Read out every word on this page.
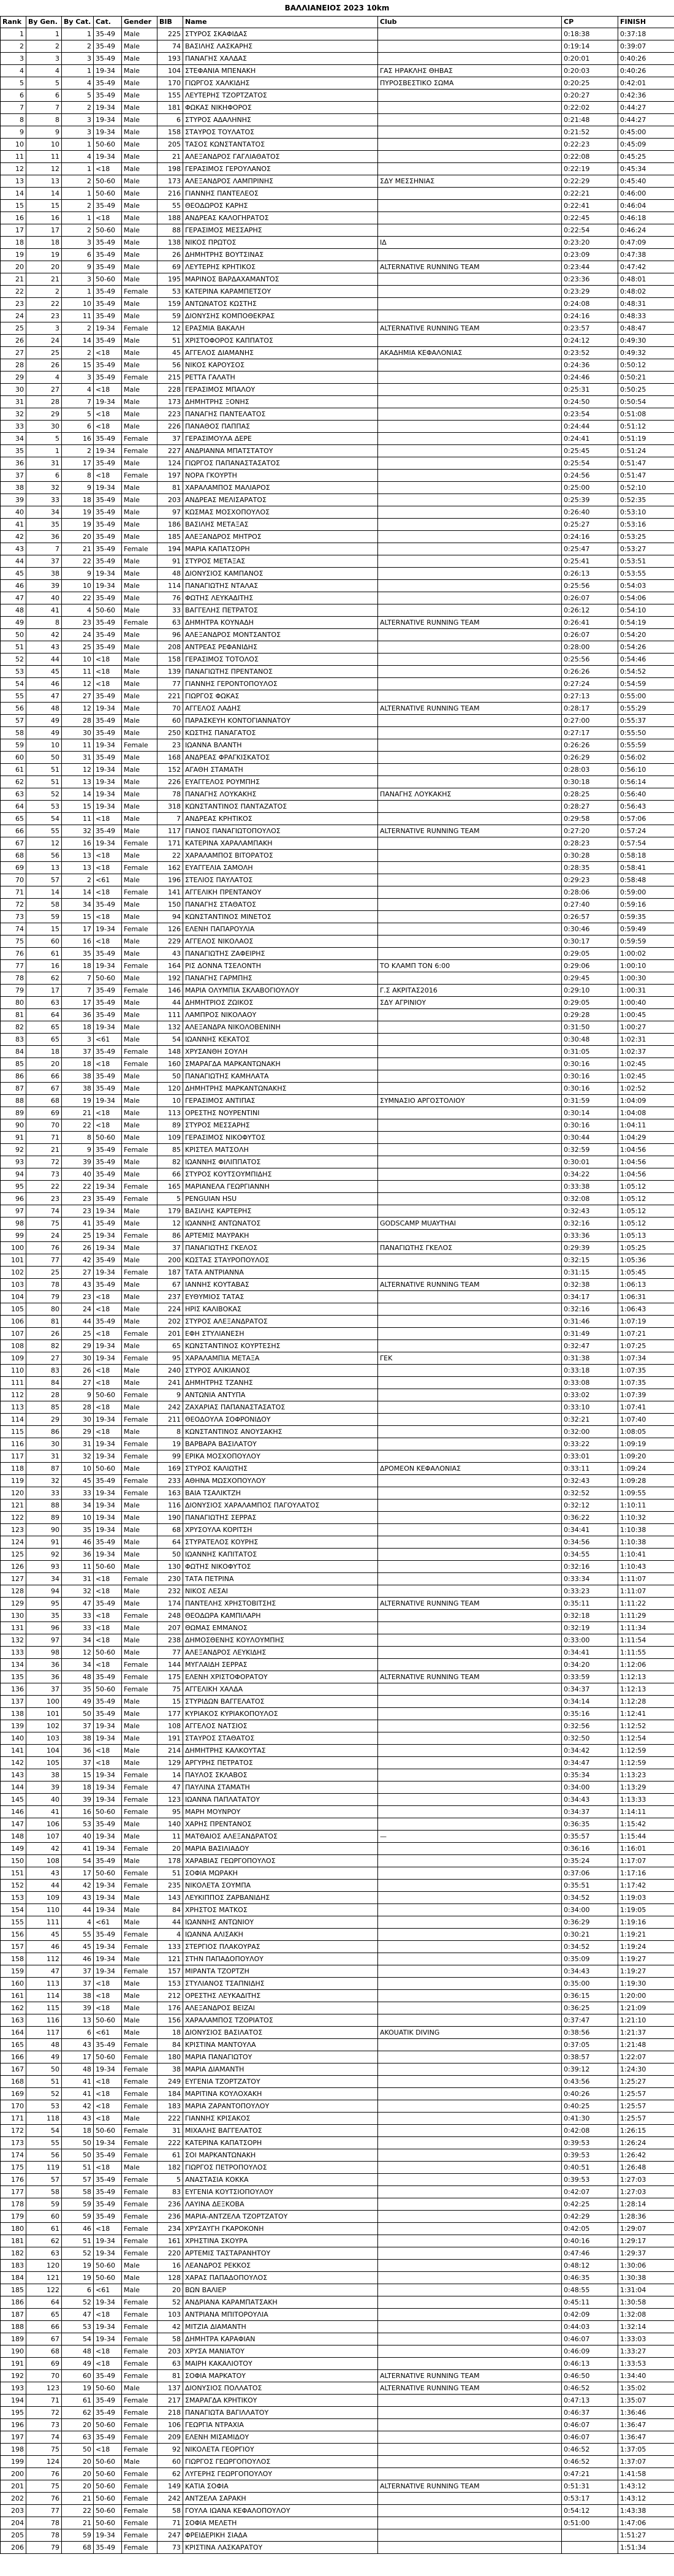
ΒΑΛΛΙΑΝΕΙΟΣ 2023 10km
Rank	By Gen.	By Cat.	Cat.	Gender	BIB	Name	Club	CP	FINISH
1	1	1	35-49	Male	225	ΣΤΥΡΟΣ ΣΚΑΦΙΔΑΣ		0:18:38	0:37:18
2	2	2	35-49	Male	74	ΒΑΣΙΛΗΣ ΛΑΣΚΑΡΗΣ		0:19:14	0:39:07
3	3	3	35-49	Male	193	ΠΑΝΑΓΗΣ ΧΑΛΔΑΣ		0:20:01	0:40:26
4	4	1	19-34	Male	104	ΣΤΕΦΑΝΙΑ ΜΠΕΝΑΚΗ	ΓΑΣ ΗΡΑΚΛΗΣ ΘΗΒΑΣ	0:20:03	0:40:26
5	5	4	35-49	Male	170	ΓΙΩΡΓΟΣ ΧΑΛΚΙΔΗΣ	ΠΥΡΟΣΒΕΣΤΙΚΟ ΣΩΜΑ	0:20:25	0:42:01
6	6	5	35-49	Male	155	ΛΕΥΤΕΡΗΣ ΤΖΟΡΤΖΑΤΟΣ		0:20:27	0:42:36
7	7	2	19-34	Male	181	ΦΩΚΑΣ ΝΙΚΗΦΟΡΟΣ		0:22:02	0:44:27
8	8	3	19-34	Male	6	ΣΤΥΡΟΣ ΑΔΑΛΗΝΗΣ		0:21:48	0:44:27
9	9	3	19-34	Male	158	ΣΤΑΥΡΟΣ ΤΟΥΛΑΤΟΣ		0:21:52	0:45:00
10	10	1	50-60	Male	205	ΤΑΣΟΣ ΚΩΝΣΤΑΝΤΑΤΟΣ		0:22:23	0:45:09
11	11	4	19-34	Male	21	ΑΛΕΞΑΝΔΡΟΣ ΓΑΓΛΙΑΘΑΤΟΣ		0:22:08	0:45:25
12	12	1	<18	Male	198	ΓΕΡΑΣΙΜΟΣ ΓΕΡΟΥΛΑΝΟΣ		0:22:19	0:45:34
13	13	2	50-60	Male	173	ΑΛΕΞΑΝΔΡΟΣ ΛΑΜΠΡΙΝΗΣ	ΣΔΥ ΜΕΣΣΗΝΙΑΣ	0:22:29	0:45:40
14	14	1	50-60	Male	216	ΓΙΑΝΝΗΣ ΠΑΝΤΕΛΕΟΣ		0:22:21	0:46:00
15	15	2	35-49	Male	55	ΘΕΟΔΩΡΟΣ ΚΑΡΗΣ		0:22:41	0:46:04
16	16	1	<18	Male	188	ΑΝΔΡΕΑΣ ΚΑΛΟΓΗΡΑΤΟΣ		0:22:45	0:46:18
17	17	2	50-60	Male	88	ΓΕΡΑΣΙΜΟΣ ΜΕΣΣΑΡΗΣ		0:22:54	0:46:24
18	18	3	35-49	Male	138	ΝΙΚΟΣ ΠΡΩΤΟΣ	ΙΔ	0:23:20	0:47:09
19	19	6	35-49	Male	26	ΔΗΜΗΤΡΗΣ ΒΟΥΤΣΙΝΑΣ		0:23:09	0:47:38
20	20	9	35-49	Male	69	ΛΕΥΤΕΡΗΣ ΚΡΗΤΙΚΟΣ	ALTERNATIVE RUNNING TEAM	0:23:44	0:47:42
21	21	3	50-60	Male	195	ΜΑΡΙΝΟΣ ΒΑΡΔΑΧΑΜΑΝΤΟΣ		0:23:36	0:48:01
22	2	1	35-49	Female	53	ΚΑΤΕΡΙΝΑ ΚΑΡΑΜΠΕΤΣΟΥ		0:23:29	0:48:02
23	22	10	35-49	Male	159	ΑΝΤΩΝΑΤΟΣ ΚΩΣΤΗΣ		0:24:08	0:48:31
24	23	11	35-49	Male	59	ΔΙΟΝΥΣΗΣ ΚΟΜΠΟΘΕΚΡΑΣ		0:24:16	0:48:33
25	3	2	19-34	Female	12	ΕΡΑΣΜΙΑ ΒΑΚΑΛΗ	ALTERNATIVE RUNNING TEAM	0:23:57	0:48:47
26	24	14	35-49	Male	51	ΧΡΙΣΤΟΦΟΡΟΣ ΚΑΠΠΑΤΟΣ		0:24:12	0:49:30
27	25	2	<18	Male	45	ΑΓΓΕΛΟΣ ΔΙΑΜΑΝΗΣ	ΑΚΑΔΗΜΙΑ ΚΕΦΑΛΟΝΙΑΣ	0:23:52	0:49:32
28	26	15	35-49	Male	56	ΝΙΚΟΣ ΚΑΡΟΥΣΟΣ		0:24:36	0:50:12
29	4	3	35-49	Female	215	ΡΕΤΤΑ ΓΑΛΑΤΗ		0:24:46	0:50:21
30	27	4	<18	Male	228	ΓΕΡΑΣΙΜΟΣ ΜΠΑΛΟΥ		0:25:31	0:50:25
31	28	7	19-34	Male	173	ΔΗΜΗΤΡΗΣ ΞΟΝΗΣ		0:24:50	0:50:54
32	29	5	<18	Male	223	ΠΑΝΑΓΗΣ ΠΑΝΤΕΛΑΤΟΣ		0:23:54	0:51:08
33	30	6	<18	Male	226	ΠΑΝΑΘΟΣ ΠΑΠΠΑΣ		0:24:44	0:51:12
34	5	16	35-49	Female	37	ΓΕΡΑΣΙΜΟΥΛΑ ΔΕΡΕ		0:24:41	0:51:19
35	1	2	19-34	Female	227	ΑΝΔΡΙΑΝΝΑ ΜΠΑΤΣΤΑΤΟΥ		0:25:45	0:51:24
36	31	17	35-49	Male	124	ΓΙΩΡΓΟΣ ΠΑΠΑΝΑΣΤΑΣΑΤΟΣ		0:25:54	0:51:47
37	6	8	<18	Female	197	ΝΟΡΑ ΓΚΟΥΡΤΗ		0:24:56	0:51:47
38	32	9	19-34	Male	81	ΧΑΡΑΛΑΜΠΟΣ ΜΑΛΙΑΡΟΣ		0:25:00	0:52:10
39	33	18	35-49	Male	203	ΑΝΔΡΕΑΣ ΜΕΛΙΣΑΡΑΤΟΣ		0:25:39	0:52:35
40	34	19	35-49	Male	97	ΚΩΣΜΑΣ ΜΟΣΧΟΠΟΥΛΟΣ		0:26:40	0:53:10
41	35	19	35-49	Male	186	ΒΑΣΙΛΗΣ ΜΕΤΑΞΑΣ		0:25:27	0:53:16
42	36	20	35-49	Male	185	ΑΛΕΞΑΝΔΡΟΣ ΜΗΤΡΟΣ		0:24:16	0:53:25
43	7	21	35-49	Female	194	ΜΑΡΙΑ ΚΑΠΑΤΣΟΡΗ		0:25:47	0:53:27
44	37	22	35-49	Male	91	ΣΤΥΡΟΣ ΜΕΤΑΞΑΣ		0:25:41	0:53:51
45	38	9	19-34	Male	48	ΔΙΟΝΥΣΙΟΣ ΚΑΜΠΑΝΟΣ		0:26:13	0:53:55
46	39	10	19-34	Male	114	ΠΑΝΑΓΙΩΤΗΣ ΝΤΑΛΑΣ		0:25:56	0:54:03
47	40	22	35-49	Male	76	ΦΩΤΗΣ ΛΕΥΚΑΔΙΤΗΣ		0:26:07	0:54:06
48	41	4	50-60	Male	33	ΒΑΓΓΕΛΗΣ ΠΕΤΡΑΤΟΣ		0:26:12	0:54:10
49	8	23	35-49	Female	63	ΔΗΜΗΤΡΑ ΚΟΥΝΑΔΗ	ALTERNATIVE RUNNING TEAM	0:26:41	0:54:19
50	42	24	35-49	Male	96	ΑΛΕΞΑΝΔΡΟΣ ΜΟΝΤΣΑΝΤΟΣ		0:26:07	0:54:20
51	43	25	35-49	Male	208	ΑΝΤΡΕΑΣ ΡΕΦΑΝΙΔΗΣ		0:28:00	0:54:26
52	44	10	<18	Male	158	ΓΕΡΑΣΙΜΟΣ ΤΟΤΟΛΟΣ		0:25:56	0:54:46
53	45	11	<18	Male	139	ΠΑΝΑΓΙΩΤΗΣ ΠΡΕΝΤΑΝΟΣ		0:26:26	0:54:52
54	46	12	<18	Male	77	ΓΙΑΝΝΗΣ ΓΕΡΟΝΤΟΠΟΥΛΟΣ		0:27:24	0:54:59
55	47	27	35-49	Male	221	ΓΙΩΡΓΟΣ ΦΩΚΑΣ		0:27:13	0:55:00
56	48	12	19-34	Male	70	ΑΓΓΕΛΟΣ ΛΑΔΗΣ	ALTERNATIVE RUNNING TEAM	0:28:17	0:55:29
57	49	28	35-49	Male	60	ΠΑΡΑΣΚΕΥΗ ΚΟΝΤΟΓΙΑΝΝΑΤΟΥ		0:27:00	0:55:37
58	49	30	35-49	Male	250	ΚΩΣΤΗΣ ΠΑΝΑΓΑΤΟΣ		0:27:17	0:55:50
59	10	11	19-34	Female	23	ΙΩΑΝΝΑ ΒΛΑΝΤΗ		0:26:26	0:55:59
60	50	31	35-49	Male	168	ΑΝΔΡΕΑΣ ΦΡΑΓΚΙΣΚΑΤΟΣ		0:26:29	0:56:02
61	51	12	19-34	Male	152	ΑΓΑΘΗ ΣΤΑΜΑΤΗ		0:28:03	0:56:10
62	51	13	19-34	Male	226	ΕΥΑΓΓΕΛΟΣ ΡΟΥΜΠΗΣ		0:30:18	0:56:14
63	52	14	19-34	Male	78	ΠΑΝΑΓΗΣ ΛΟΥΚΑΚΗΣ	ΠΑΝΑΓΗΣ ΛΟΥΚΑΚΗΣ	0:28:25	0:56:40
64	53	15	19-34	Male	318	ΚΩΝΣΤΑΝΤΙΝΟΣ ΠΑΝΤΑΖΑΤΟΣ		0:28:27	0:56:43
65	54	11	<18	Male	7	ΑΝΔΡΕΑΣ ΚΡΗΤΙΚΟΣ		0:29:58	0:57:06
66	55	32	35-49	Male	117	ΓΙΑΝΟΣ ΠΑΝΑΓΙΩΤΟΠΟΥΛΟΣ	ALTERNATIVE RUNNING TEAM	0:27:20	0:57:24
67	12	16	19-34	Female	171	ΚΑΤΕΡΙΝΑ ΧΑΡΑΛΑΜΠΑΚΗ		0:28:23	0:57:54
68	56	13	<18	Male	22	ΧΑΡΑΛΑΜΠΟΣ ΒΙΤΟΡΑΤΟΣ		0:30:28	0:58:18
69	13	13	<18	Female	162	ΕΥΑΓΓΕΛΙΑ ΣΑΜΟΛΗ		0:28:35	0:58:41
70	57	2	<61	Male	196	ΣΤΕΛΙΟΣ ΠΑΥΛΑΤΟΣ		0:29:23	0:58:48
71	14	14	<18	Female	141	ΑΓΓΕΛΙΚΗ ΠΡΕΝΤΑΝΟΥ		0:28:06	0:59:00
72	58	34	35-49	Male	150	ΠΑΝΑΓΗΣ ΣΤΑΘΑΤΟΣ		0:27:40	0:59:16
73	59	15	<18	Male	94	ΚΩΝΣΤΑΝΤΙΝΟΣ ΜΙΝΕΤΟΣ		0:26:57	0:59:35
74	15	17	19-34	Female	126	ΕΛΕΝΗ ΠΑΠΑΡΟΥΛΙΑ		0:30:46	0:59:49
75	60	16	<18	Male	229	ΑΓΓΕΛΟΣ ΝΙΚΟΛΑΟΣ		0:30:17	0:59:59
76	61	35	35-49	Male	43	ΠΑΝΑΓΙΩΤΗΣ ΖΑΦΕΙΡΗΣ		0:29:05	1:00:02
77	16	18	19-34	Female	164	ΡΙΣ ΔΟΝΝΑ ΤΣΕΛΟΝΤΗ	ΤΟ ΚΛΑΜΠ ΤΟΝ 6:00	0:29:06	1:00:10
78	62	7	50-60	Male	192	ΠΑΝΑΓΗΣ ΓΑΡΜΠΗΣ		0:29:45	1:00:30
79	17	7	35-49	Female	146	ΜΑΡΙΑ ΟΛΥΜΠΙΑ ΣΚΛΑΒΟΓΙΟΥΛΟΥ	Γ.Σ ΑΚΡΙΤΑΣ2016	0:29:10	1:00:31
80	63	17	35-49	Male	44	ΔΗΜΗΤΡΙΟΣ ΖΩΙΚΟΣ	ΣΔΥ ΑΓΡΙΝΙΟΥ	0:29:05	1:00:40
81	64	36	35-49	Male	111	ΛΑΜΠΡΟΣ ΝΙΚΟΛΑΟΥ		0:29:28	1:00:45
82	65	18	19-34	Male	132	ΑΛΕΞΑΝΔΡΑ ΝΙΚΟΛΟΒΕΝΙΝΗ		0:31:50	1:00:27
83	65	3	<61	Male	54	ΙΩΑΝΝΗΣ ΚΕΚΑΤΟΣ		0:30:48	1:02:31
84	18	37	35-49	Female	148	ΧΡΥΣΑΝΘΗ ΣΟΥΛΗ		0:31:05	1:02:37
85	20	18	<18	Female	160	ΣΜΑΡΑΓΔΑ ΜΑΡΚΑΝΤΩΝΑΚΗ		0:30:16	1:02:45
86	66	38	35-49	Male	50	ΠΑΝΑΓΙΩΤΗΣ ΚΑΜΗΛΑΤΑ		0:30:16	1:02:45
87	67	38	35-49	Male	120	ΔΗΜΗΤΡΗΣ ΜΑΡΚΑΝΤΩΝΑΚΗΣ		0:30:16	1:02:52
88	68	19	19-34	Male	10	ΓΕΡΑΣΙΜΟΣ ΑΝΤΙΠΑΣ	ΣΥΜΝΑΣΙΟ ΑΡΓΟΣΤΟΛΙΟΥ	0:31:59	1:04:09
89	69	21	<18	Male	113	ΟΡΕΣΤΗΣ ΝΟΥΡΕΝΤΙΝΙ		0:30:14	1:04:08
90	70	22	<18	Male	89	ΣΤΥΡΟΣ ΜΕΣΣΑΡΗΣ		0:30:16	1:04:11
91	71	8	50-60	Male	109	ΓΕΡΑΣΙΜΟΣ ΝΙΚΟΦΥΤΟΣ		0:30:44	1:04:29
92	21	9	35-49	Female	85	ΚΡΙΣΤΕΛ ΜΑΤΣΟΛΗ		0:32:59	1:04:56
93	72	39	35-49	Male	82	ΙΩΑΝΝΗΣ ΦΙΛΙΠΠΑΤΟΣ		0:30:01	1:04:56
94	73	40	35-49	Male	66	ΣΤΥΡΟΣ ΚΟΥΤΣΟΥΜΠΙΔΗΣ		0:34:22	1:04:56
95	22	22	19-34	Female	165	ΜΑΡΙΑΝΕΛΑ ΓΕΩΡΓΙΑΝΝΗ		0:33:38	1:05:12
96	23	23	35-49	Female	5	PENGUIAN HSU		0:32:08	1:05:12
97	74	23	19-34	Male	179	ΒΑΣΙΛΗΣ ΚΑΡΤΕΡΗΣ		0:32:43	1:05:12
98	75	41	35-49	Male	12	ΙΩΑΝΝΗΣ ΑΝΤΩΝΑΤΟΣ	GODSCAMP MUAYTHAI	0:32:16	1:05:12
99	24	25	19-34	Female	86	ΑΡΤΕΜΙΣ ΜΑΥΡΑΚΗ		0:33:36	1:05:13
100	76	26	19-34	Male	37	ΠΑΝΑΓΙΩΤΗΣ ΓΚΕΛΟΣ	ΠΑΝΑΓΙΩΤΗΣ ΓΚΕΛΟΣ	0:29:39	1:05:25
101	77	42	35-49	Male	200	ΚΩΣΤΑΣ ΣΤΑΥΡΟΠΟΥΛΟΣ		0:32:15	1:05:36
102	25	27	19-34	Female	187	ΤΑΤΑ ΑΝΤΡΙΑΝΝΑ		0:31:15	1:05:45
103	78	43	35-49	Male	67	ΙΑΝΝΗΣ ΚΟΥΤΑΒΑΣ	ALTERNATIVE RUNNING TEAM	0:32:38	1:06:13
104	79	23	<18	Male	237	ΕΥΘΥΜΙΟΣ ΤΑΤΑΣ		0:34:17	1:06:31
105	80	24	<18	Male	224	ΗΡΙΣ ΚΑΛΙΒΟΚΑΣ		0:32:16	1:06:43
106	81	44	35-49	Male	202	ΣΤΥΡΟΣ ΑΛΕΞΑΝΔΡΑΤΟΣ		0:31:46	1:07:19
107	26	25	<18	Female	201	ΕΦΗ ΣΤΥΛΙΑΝΕΣΗ		0:31:49	1:07:21
108	82	29	19-34	Male	65	ΚΩΝΣΤΑΝΤΙΝΟΣ ΚΟΥΡΤΕΣΗΣ		0:32:47	1:07:25
109	27	30	19-34	Female	95	ΧΑΡΑΛΑΜΠΙΑ ΜΕΤΑΞΑ	ΓΕΚ	0:31:38	1:07:34
110	83	26	<18	Male	240	ΣΤΥΡΟΣ ΑΛΙΚΙΑΝΟΣ		0:33:18	1:07:35
111	84	27	<18	Male	241	ΔΗΜΗΤΡΗΣ ΤΖΑΝΗΣ		0:33:08	1:07:35
112	28	9	50-60	Female	9	ΑΝΤΩΝΙΑ ΑΝΤΥΠΑ		0:33:02	1:07:39
113	85	28	<18	Male	242	ΖΑΧΑΡΙΑΣ ΠΑΠΑΝΑΣΤΑΣΑΤΟΣ		0:33:10	1:07:41
114	29	30	19-34	Female	211	ΘΕΟΔΟΥΛΑ ΣΟΦΡΟΝΙΔΟΥ		0:32:21	1:07:40
115	86	29	<18	Male	8	ΚΩΝΣΤΑΝΤΙΝΟΣ ΑΝΟΥΣΑΚΗΣ		0:32:00	1:08:05
116	30	31	19-34	Female	19	ΒΑΡΒΑΡΑ ΒΑΣΙΛΑΤΟΥ		0:33:22	1:09:19
117	31	32	19-34	Female	99	ΕΡΙΚΑ ΜΟΣΧΟΠΟΥΛΟΥ		0:33:01	1:09:20
118	87	10	50-60	Male	169	ΣΤΥΡΟΣ ΚΑΛΙΩΤΗΣ	ΔΡΟΜΕΟΝ ΚΕΦΑΛΟΝΙΑΣ	0:33:11	1:09:24
119	32	45	35-49	Female	233	ΑΘΗΝΑ ΜΩΣΧΟΠΟΥΛΟΥ		0:32:43	1:09:28
120	33	33	19-34	Female	163	ΒΑΙΑ ΤΣΑΛΙΚΤΖΗ		0:32:52	1:09:55
121	88	34	19-34	Male	116	ΔΙΟΝΥΣΙΟΣ ΧΑΡΑΛΑΜΠΟΣ ΠΑΓΟΥΛΑΤΟΣ		0:32:12	1:10:11
122	89	10	19-34	Male	190	ΠΑΝΑΓΙΩΤΗΣ ΣΕΡΡΑΣ		0:36:22	1:10:32
123	90	35	19-34	Male	68	ΧΡΥΣΟΥΛΑ ΚΟΡΙΤΣΗ		0:34:41	1:10:38
124	91	46	35-49	Male	64	ΣΤΥΡΑΤΕΛΟΣ ΚΟΥΡΗΣ		0:34:56	1:10:38
125	92	36	19-34	Male	50	ΙΩΑΝΝΗΣ ΚΑΠΙΤΑΤΟΣ		0:34:55	1:10:41
126	93	11	50-60	Male	130	ΦΩΤΗΣ ΝΙΚΟΦΥΤΟΣ		0:32:16	1:10:43
127	34	31	<18	Female	230	ΤΑΤΑ ΠΕΤΡΙΝΑ		0:33:34	1:11:07
128	94	32	<18	Male	232	ΝΙΚΟΣ ΛΕΣΑΙ		0:33:23	1:11:07
129	95	47	35-49	Male	174	ΠΑΝΤΕΛΗΣ ΧΡΗΣΤΟΒΙΤΣΗΣ	ALTERNATIVE RUNNING TEAM	0:35:11	1:11:22
130	35	33	<18	Female	248	ΘΕΟΔΩΡΑ ΚΑΜΠΙΛΑΡΗ		0:32:18	1:11:29
131	96	33	<18	Male	207	ΘΩΜΑΣ ΕΜΜΑΝΟΣ		0:32:19	1:11:34
132	97	34	<18	Male	238	ΔΗΜΟΣΘΕΝΗΣ ΚΟΥΛΟΥΜΠΗΣ		0:33:00	1:11:54
133	98	12	50-60	Male	77	ΑΛΕΞΑΝΔΡΟΣ ΛΕΥΚΙΔΗΣ		0:34:41	1:11:55
134	36	34	<18	Female	144	ΜΥΓΛΑΙΔΗ ΣΕΡΡΑΣ		0:34:20	1:12:06
135	36	48	35-49	Female	175	ΕΛΕΝΗ ΧΡΙΣΤΟΦΟΡΑΤΟΥ	ALTERNATIVE RUNNING TEAM	0:33:59	1:12:13
136	37	35	50-60	Female	75	ΑΓΓΕΛΙΚΗ ΧΑΛΔΑ		0:34:37	1:12:13
137	100	49	35-49	Male	15	ΣΤΥΡΙΔΩΝ ΒΑΓΓΕΛΑΤΟΣ		0:34:14	1:12:28
138	101	50	35-49	Male	177	ΚΥΡΙΑΚΟΣ ΚΥΡΙΑΚΟΠΟΥΛΟΣ		0:35:16	1:12:41
139	102	37	19-34	Male	108	ΑΓΓΕΛΟΣ ΝΑΤΣΙΟΣ		0:32:56	1:12:52
140	103	38	19-34	Male	191	ΣΤΑΥΡΟΣ ΣΤΑΘΑΤΟΣ		0:32:50	1:12:54
141	104	36	<18	Male	214	ΔΗΜΗΤΡΗΣ ΚΑΛΚΟΥΤΑΣ		0:34:42	1:12:59
142	105	37	<18	Male	129	ΑΡΓΥΡΗΣ ΠΕΤΡΑΤΟΣ		0:34:47	1:12:59
143	38	15	19-34	Female	14	ΠΑΥΛΟΣ ΣΚΛΑΒΟΣ		0:35:34	1:13:23
144	39	18	19-34	Female	47	ΠΑΥΛΙΝΑ ΣΤΑΜΑΤΗ		0:34:00	1:13:29
145	40	39	19-34	Female	123	ΙΩΑΝΝΑ ΠΑΠΛΑΤΑΤΟΥ		0:34:43	1:13:33
146	41	16	50-60	Female	95	ΜΑΡΗ ΜΟΥΝΡΟΥ		0:34:37	1:14:11
147	106	53	35-49	Male	140	ΧΑΡΗΣ ΠΡΕΝΤΑΝΟΣ		0:36:35	1:15:42
148	107	40	19-34	Male	11	ΜΑΤΘΑΙΟΣ ΑΛΕΞΑΝΔΡΑΤΟΣ	—	0:35:57	1:15:44
149	42	41	19-34	Female	20	ΜΑΡΙΑ ΒΑΣΙΛΙΑΔΟΥ		0:36:16	1:16:01
150	108	54	35-49	Male	178	ΧΑΡΑΒΙΑΣ ΓΕΩΡΓΟΠΟΥΛΟΣ		0:35:24	1:17:07
151	43	17	50-60	Female	51	ΣΟΦΙΑ ΜΩΡΑΚΗ		0:37:06	1:17:16
152	44	42	19-34	Female	235	ΝΙΚΟΛΕΤΑ ΣΟΥΜΠΑ		0:35:51	1:17:42
153	109	43	19-34	Male	143	ΛΕΥΚΙΠΠΟΣ ΖΑΡΒΑΝΙΔΗΣ		0:34:52	1:19:03
154	110	44	19-34	Male	84	ΧΡΗΣΤΟΣ ΜΑΤΚΟΣ		0:34:00	1:19:05
155	111	4	<61	Male	44	ΙΩΑΝΝΗΣ ΑΝΤΩΝΙΟΥ		0:36:29	1:19:16
156	45	55	35-49	Female	4	ΙΩΑΝΝΑ ΑΛΙΣΑΚΗ		0:30:21	1:19:21
157	46	45	19-34	Female	133	ΣΤΕΡΓΙΟΣ ΠΛΑΚΟΥΡΑΣ		0:34:52	1:19:24
158	112	46	19-34	Male	121	ΣΤΗΝ ΠΑΠΑΔΟΠΟΥΛΟΥ		0:35:09	1:19:27
159	47	37	19-34	Female	157	ΜΙΡΑΝΤΑ ΤΖΟΡΤΖΗ		0:34:43	1:19:27
160	113	37	<18	Male	153	ΣΤΥΛΙΑΝΟΣ ΤΣΑΠΝΙΔΗΣ		0:35:00	1:19:30
161	114	38	<18	Male	212	ΟΡΕΣΤΗΣ ΛΕΥΚΑΔΙΤΗΣ		0:36:15	1:20:00
162	115	39	<18	Male	176	ΑΛΕΞΑΝΔΡΟΣ ΒΕΙΖΑΙ		0:36:25	1:21:09
163	116	13	50-60	Male	156	ΧΑΡΑΛΑΜΠΟΣ ΤΖΟΡΙΑΤΟΣ		0:37:47	1:21:10
164	117	6	<61	Male	18	ΔΙΟΝΥΣΙΟΣ ΒΑΣΙΛΑΤΟΣ	AKOUATIK DIVING	0:38:56	1:21:37
165	48	43	35-49	Female	84	ΚΡΙΣΤΙΝΑ ΜΑΝΤΟΥΛΑ		0:37:05	1:21:48
166	49	17	50-60	Female	180	ΜΑΡΙΑ ΠΑΝΑΓΙΩΤΟΥ		0:38:57	1:22:07
167	50	48	19-34	Female	38	ΜΑΡΙΑ ΔΙΑΜΑΝΤΗ		0:39:12	1:24:30
168	51	41	<18	Female	249	ΕΥΓΕΝΙΑ ΤΖΟΡΤΖΑΤΟΥ		0:43:56	1:25:27
169	52	41	<18	Female	184	ΜΑΡΙΤΙΝΑ ΚΟΥΛΟΧΑΚΗ		0:40:26	1:25:57
170	53	42	<18	Female	183	ΜΑΡΙΑ ΖΑΡΑΝΤΟΠΟΥΛΟΥ		0:40:25	1:25:57
171	118	43	<18	Male	222	ΓΙΑΝΝΗΣ ΚΡΙΣΑΚΟΣ		0:41:30	1:25:57
172	54	18	50-60	Female	31	ΜΙΧΑΛΗΣ ΒΑΓΓΕΛΑΤΟΣ		0:42:08	1:26:15
173	55	50	19-34	Female	222	ΚΑΤΕΡΙΝΑ ΚΑΠΑΤΣΟΡΗ		0:39:53	1:26:24
174	56	50	35-49	Female	61	ΣΟΙ ΜΑΡΚΑΝΤΩΝΑΚΗ		0:39:53	1:26:42
175	119	51	<18	Male	182	ΓΙΩΡΓΟΣ ΠΕΤΡΟΠΟΥΛΟΣ		0:40:51	1:26:48
176	57	57	35-49	Female	5	ΑΝΑΣΤΑΣΙΑ ΚΟΚΚΑ		0:39:53	1:27:03
177	58	58	35-49	Female	83	ΕΥΓΕΝΙΑ ΚΟΥΤΣΙΟΠΟΥΛΟΥ		0:42:07	1:27:03
178	59	59	35-49	Female	236	ΛΑΥΙΝΑ ΔΕΞΚΟΒΑ		0:42:25	1:28:14
179	60	59	35-49	Female	236	ΜΑΡΙΑ-ΑΝΤΖΕΛΑ ΤΖΟΡΤΖΑΤΟΥ		0:42:29	1:28:36
180	61	46	<18	Female	234	ΧΡΥΣΑΥΓΗ ΓΚΑΡΟΚΟΝΗ		0:42:05	1:29:07
181	62	51	19-34	Female	161	ΧΡΗΣΤΙΝΑ ΣΚΟΥΡΑ		0:40:16	1:29:17
182	63	52	19-34	Female	220	ΑΡΤΕΜΙΣ ΤΑΣΤΑΡΑΝΗΤΟΥ		0:47:46	1:29:37
183	120	19	50-60	Male	16	ΛΕΑΝΔΡΟΣ ΡΕΚΚΟΣ		0:48:12	1:30:06
184	121	19	50-60	Male	128	ΧΑΡΑΣ ΠΑΠΑΔΟΠΟΥΛΟΣ		0:46:35	1:30:38
185	122	6	<61	Male	20	ΒΩΝ ΒΑΛΙΕΡ		0:48:55	1:31:04
186	64	52	19-34	Female	52	ΑΝΔΡΙΑΝΑ ΚΑΡΑΜΠΑΤΣΑΚΗ		0:45:11	1:30:58
187	65	47	<18	Female	103	ΑΝΤΡΙΑΝΑ ΜΠΙΤΟΡΟΥΛΙΑ		0:42:09	1:32:08
188	66	53	19-34	Female	42	ΜΙΤΖΙΑ ΔΙΑΜΑΝΤΗ		0:44:03	1:32:14
189	67	54	19-34	Female	58	ΔΗΜΗΤΡΑ ΚΑΡΑΦΙΑΝ		0:46:07	1:33:03
190	68	48	<18	Female	203	ΧΡΥΣΑ ΜΑΝΙΑΤΟΥ		0:46:09	1:33:27
191	69	49	<18	Female	63	ΜΑΙΡΗ ΚΑΚΑΛΙΟΤΟΥ		0:46:13	1:33:53
192	70	60	35-49	Female	81	ΣΟΦΙΑ ΜΑΡΚΑΤΟΥ	ALTERNATIVE RUNNING TEAM	0:46:50	1:34:40
193	123	19	50-60	Male	137	ΔΙΟΝΥΣΙΟΣ ΠΟΛΛΑΤΟΣ	ALTERNATIVE RUNNING TEAM	0:46:52	1:35:02
194	71	61	35-49	Female	217	ΣΜΑΡΑΓΔΑ ΚΡΗΤΙΚΟΥ		0:47:13	1:35:07
195	72	62	35-49	Female	218	ΠΑΝΑΓΙΩΤΑ ΒΑΓΙΛΛΑΤΟΥ		0:46:37	1:36:46
196	73	20	50-60	Female	106	ΓΕΩΡΓΙΑ ΝΤΡΑΧΙΑ		0:46:07	1:36:47
197	74	63	35-49	Female	209	ΕΛΕΝΗ ΜΙΣΑΜΙΔΟΥ		0:46:07	1:36:47
198	75	50	<18	Female	92	ΝΙΚΟΛΕΤΑ ΓΕΟΡΓΙΟΥ		0:46:52	1:37:05
199	124	20	50-60	Male	60	ΓΙΩΡΓΟΣ ΓΕΩΡΓΟΠΟΥΛΟΣ		0:46:52	1:37:07
200	76	20	50-60	Female	62	ΛΥΓΕΡΗΣ ΓΕΩΡΓΟΠΟΥΛΟΥ		0:47:21	1:41:58
201	75	20	50-60	Female	149	ΚΑΤΙΑ ΣΟΦΙΑ	ALTERNATIVE RUNNING TEAM	0:51:31	1:43:12
202	76	21	50-60	Female	242	ΑΝΤΖΕΛΑ ΣΑΡΑΚΗ		0:53:17	1:43:12
203	77	22	50-60	Female	58	ΓΟΥΛΑ ΙΩΑΝΑ ΚΕΦΑΛΟΠΟΥΛΟΥ		0:54:12	1:43:38
204	78	21	50-60	Female	71	ΣΟΦΙΑ ΜΕΛΕΤΗ		0:51:00	1:47:06
205	78	59	19-34	Female	247	ΦΡΕΙΔΕΡΙΚΗ ΣΙΑΔΑ			1:51:27
206	79	68	35-49	Female	73	ΚΡΙΣΤΙΝΑ ΛΑΣΚΑΡΑΤΟΥ			1:51:34
